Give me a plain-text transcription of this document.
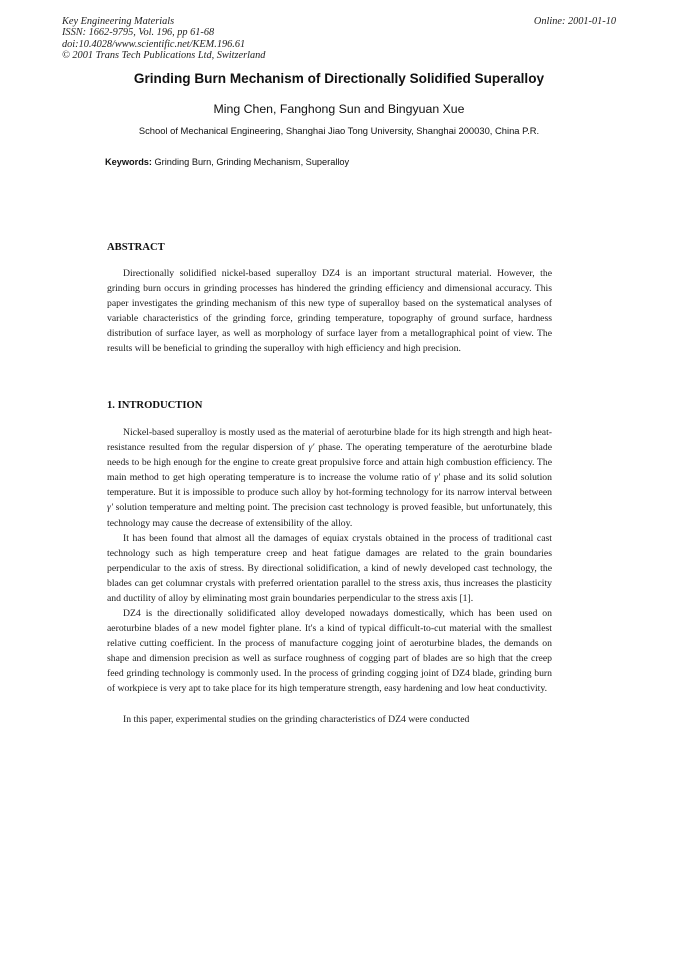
Key Engineering Materials
ISSN: 1662-9795, Vol. 196, pp 61-68
doi:10.4028/www.scientific.net/KEM.196.61
© 2001 Trans Tech Publications Ltd, Switzerland
Online: 2001-01-10
Grinding Burn Mechanism of Directionally Solidified Superalloy
Ming Chen, Fanghong Sun and Bingyuan Xue
School of Mechanical Engineering, Shanghai Jiao Tong University, Shanghai 200030, China P.R.
Keywords: Grinding Burn, Grinding Mechanism, Superalloy
ABSTRACT
Directionally solidified nickel-based superalloy DZ4 is an important structural material. However, the grinding burn occurs in grinding processes has hindered the grinding efficiency and dimensional accuracy. This paper investigates the grinding mechanism of this new type of superalloy based on the systematical analyses of variable characteristics of the grinding force, grinding temperature, topography of ground surface, hardness distribution of surface layer, as well as morphology of surface layer from a metallographical point of view. The results will be beneficial to grinding the superalloy with high efficiency and high precision.
1. INTRODUCTION
Nickel-based superalloy is mostly used as the material of aeroturbine blade for its high strength and high heat-resistance resulted from the regular dispersion of γ′ phase. The operating temperature of the aeroturbine blade needs to be high enough for the engine to create great propulsive force and attain high combustion efficiency. The main method to get high operating temperature is to increase the volume ratio of γ′ phase and its solid solution temperature. But it is impossible to produce such alloy by hot-forming technology for its narrow interval between γ′ solution temperature and melting point. The precision cast technology is proved feasible, but unfortunately, this technology may cause the decrease of extensibility of the alloy.
It has been found that almost all the damages of equiax crystals obtained in the process of traditional cast technology such as high temperature creep and heat fatigue damages are related to the grain boundaries perpendicular to the axis of stress. By directional solidification, a kind of newly developed cast technology, the blades can get columnar crystals with preferred orientation parallel to the stress axis, thus increases the plasticity and ductility of alloy by eliminating most grain boundaries perpendicular to the stress axis [1].
DZ4 is the directionally solidificated alloy developed nowadays domestically, which has been used on aeroturbine blades of a new model fighter plane. It's a kind of typical difficult-to-cut material with the smallest relative cutting coefficient. In the process of manufacture cogging joint of aeroturbine blades, the demands on shape and dimension precision as well as surface roughness of cogging part of blades are so high that the creep feed grinding technology is commonly used. In the process of grinding cogging joint of DZ4 blade, grinding burn of workpiece is very apt to take place for its high temperature strength, easy hardening and low heat conductivity.
In this paper, experimental studies on the grinding characteristics of DZ4 were conducted
